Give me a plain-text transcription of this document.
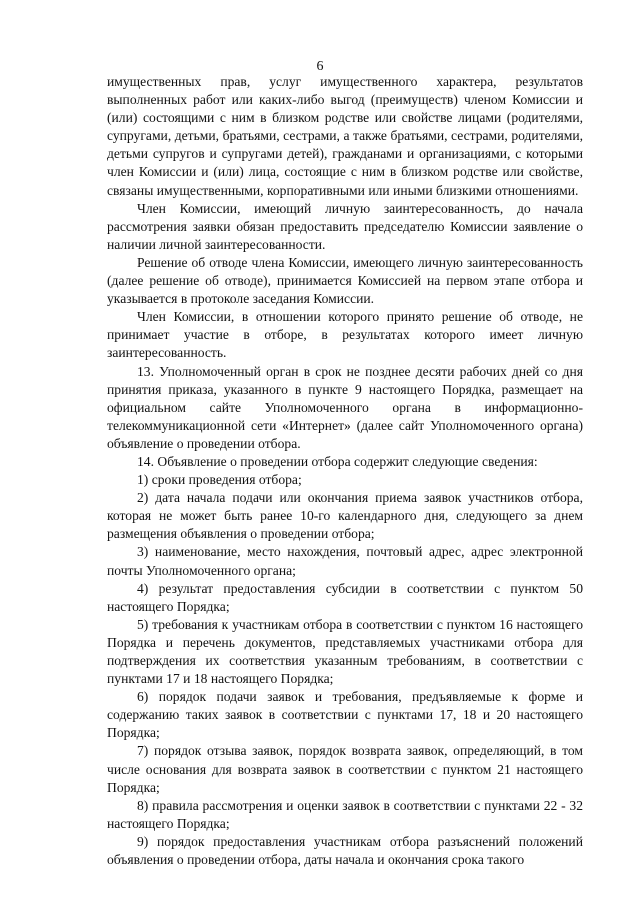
6

имущественных прав, услуг имущественного характера, результатов выполненных работ или каких-либо выгод (преимуществ) членом Комиссии и (или) состоящими с ним в близком родстве или свойстве лицами (родителями, супругами, детьми, братьями, сестрами, а также братьями, сестрами, родителями, детьми супругов и супругами детей), гражданами и организациями, с которыми член Комиссии и (или) лица, состоящие с ним в близком родстве или свойстве, связаны имущественными, корпоративными или иными близкими отношениями.

Член Комиссии, имеющий личную заинтересованность, до начала рассмотрения заявки обязан предоставить председателю Комиссии заявление о наличии личной заинтересованности.

Решение об отводе члена Комиссии, имеющего личную заинтересованность (далее решение об отводе), принимается Комиссией на первом этапе отбора и указывается в протоколе заседания Комиссии.

Член Комиссии, в отношении которого принято решение об отводе, не принимает участие в отборе, в результатах которого имеет личную заинтересованность.

13. Уполномоченный орган в срок не позднее десяти рабочих дней со дня принятия приказа, указанного в пункте 9 настоящего Порядка, размещает на официальном сайте Уполномоченного органа в информационно-телекоммуникационной сети «Интернет» (далее сайт Уполномоченного органа) объявление о проведении отбора.

14. Объявление о проведении отбора содержит следующие сведения:

1) сроки проведения отбора;

2) дата начала подачи или окончания приема заявок участников отбора, которая не может быть ранее 10-го календарного дня, следующего за днем размещения объявления о проведении отбора;

3) наименование, место нахождения, почтовый адрес, адрес электронной почты Уполномоченного органа;

4) результат предоставления субсидии в соответствии с пунктом 50 настоящего Порядка;

5) требования к участникам отбора в соответствии с пунктом 16 настоящего Порядка и перечень документов, представляемых участниками отбора для подтверждения их соответствия указанным требованиям, в соответствии с пунктами 17 и 18 настоящего Порядка;

6) порядок подачи заявок и требования, предъявляемые к форме и содержанию таких заявок в соответствии с пунктами 17, 18 и 20 настоящего Порядка;

7) порядок отзыва заявок, порядок возврата заявок, определяющий, в том числе основания для возврата заявок в соответствии с пунктом 21 настоящего Порядка;

8) правила рассмотрения и оценки заявок в соответствии с пунктами 22 - 32 настоящего Порядка;

9) порядок предоставления участникам отбора разъяснений положений объявления о проведении отбора, даты начала и окончания срока такого
